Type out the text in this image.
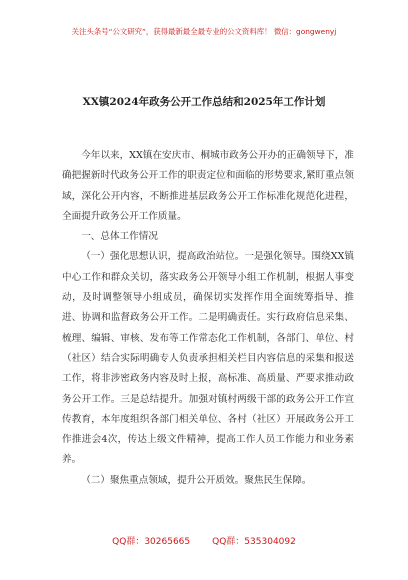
关注头条号“公文研究”，获得最新最全最专业的公文资料库！ 微信：gongwenyj
XX镇2024年政务公开工作总结和2025年工作计划

今年以来，XX镇在安庆市、桐城市政务公开办的正确领导下，准确把握新时代政务公开工作的职责定位和面临的形势要求,紧盯重点领域，深化公开内容，不断推进基层政务公开工作标准化规范化进程，全面提升政务公开工作质量。

一、总体工作情况

（一）强化思想认识，提高政治站位。一是强化领导。围绕XX镇中心工作和群众关切，落实政务公开领导小组工作机制，根据人事变动，及时调整领导小组成员，确保切实发挥作用全面统筹指导、推进、协调和监督政务公开工作。二是明确责任。实行政府信息采集、梳理、编辑、审核、发布等工作常态化工作机制，各部门、单位、村（社区）结合实际明确专人负责承担相关栏目内容信息的采集和报送工作，将非涉密政务内容及时上报，高标准、高质量、严要求推动政务公开工作。三是总结提升。加强对镇村两级干部的政务公开工作宣传教育，本年度组织各部门相关单位、各村（社区）开展政务公开工作推进会4次，传达上级文件精神，提高工作人员工作能力和业务素养。

（二）聚焦重点领域，提升公开质效。聚焦民生保障。

QQ群：30265665 QQ群：535304092
